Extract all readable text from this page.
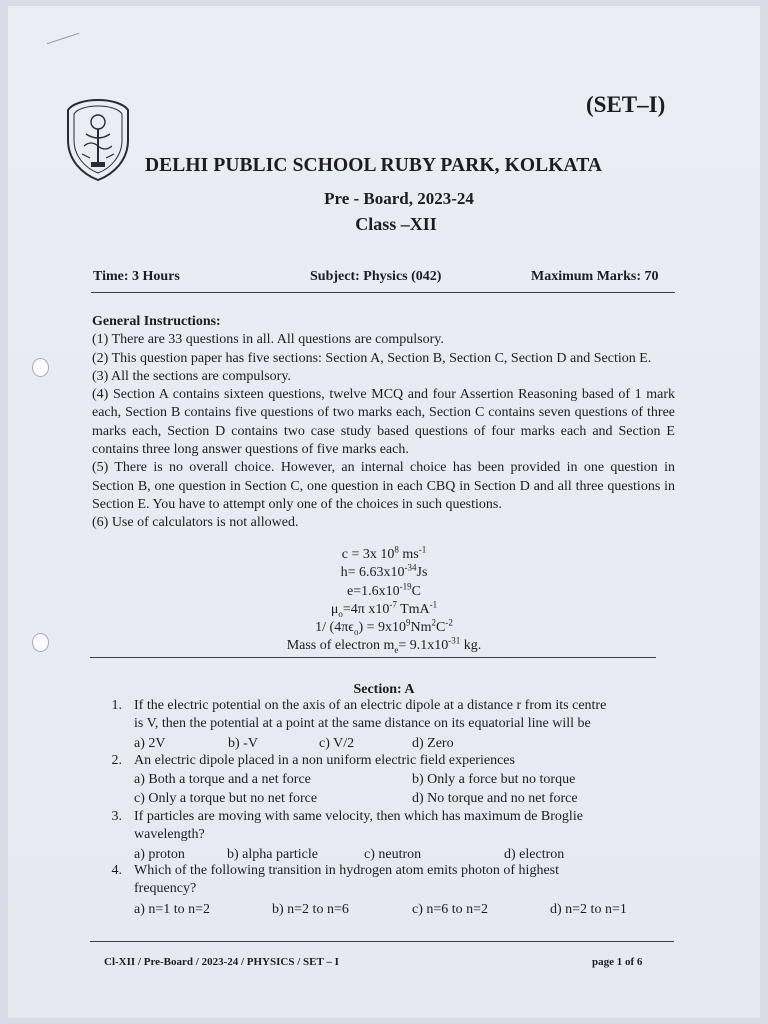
(SET–I)
DELHI PUBLIC SCHOOL RUBY PARK, KOLKATA
Pre - Board, 2023-24
Class –XII
Time: 3 Hours	Subject: Physics (042)	Maximum Marks: 70

General Instructions:

(1) There are 33 questions in all. All questions are compulsory.

(2) This question paper has five sections: Section A, Section B, Section C, Section D and Section E.

(3) All the sections are compulsory.

(4) Section A contains sixteen questions, twelve MCQ and four Assertion Reasoning based of 1 mark each, Section B contains five questions of two marks each, Section C contains seven questions of three marks each, Section D contains two case study based questions of four marks each and Section E contains three long answer questions of five marks each.

(5) There is no overall choice. However, an internal choice has been provided in one question in Section B, one question in Section C, one question in each CBQ in Section D and all three questions in Section E. You have to attempt only one of the choices in such questions.

(6) Use of calculators is not allowed.

c = 3x $10^8$ $ms^{-1}$
$h= 6.63x10^{-34}Js$
$e=1.6x10^{-19}C$
$\mu_o=4\pi$ $x10^{-7}$ TmA$^{-1}$
1/ $(4\pi\epsilon_o) = 9x10^9Nm^2C^{-2}$
Mass of electron $m_e= 9.1x10^{-31}$ kg.
Section: A
1. If the electric potential on the axis of an electric dipole at a distance r from its centre
is V, then the potential at a point at the same distance on its equatorial line will be
a) 2V	b) -V	c) V/2	d) Zero
2. An electric dipole placed in a non uniform electric field experiences
a) Both a torque and a net force	b) Only a force but no torque
c) Only a torque but no net force	d) No torque and no net force
3. If particles are moving with same velocity, then which has maximum de Broglie
wavelength?
a) proton	b) alpha particle	c) neutron	d) electron
4. Which of the following transition in hydrogen atom emits photon of highest
frequency?
a) n=1 to n=2	b) n=2 to n=6	c) n=6 to n=2	d) n=2 to n=1
Cl-XII / Pre-Board / 2023-24 / PHYSICS / SET – I	page 1 of 6
